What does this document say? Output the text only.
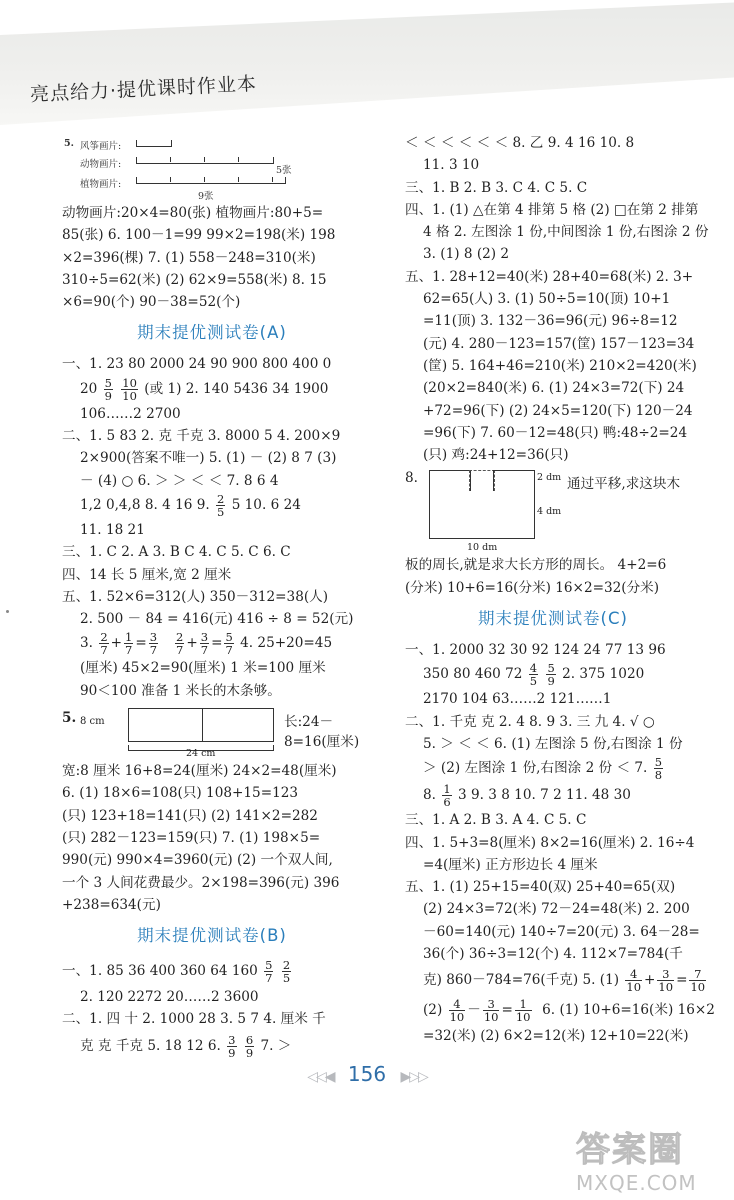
亮点给力·提优课时作业本
5. 风筝画片:
动物画片:
5张
植物画片:
9张
动物画片:20×4=80(张) 植物画片:80+5=
85(张) 6. 100－1=99 99×2=198(米) 198
×2=396(棵) 7. (1) 558－248=310(米)
310÷5=62(米) (2) 62×9=558(米) 8. 15
×6=90(个) 90－38=52(个)
期末提优测试卷(A)
一、1. 23 80 2000 24 90 900 800 400 0
$20 \frac{5}{9}$
$\frac{10}{10}$ (或 1) 2. 140 5436 34 1900
106……2 2700
二、1. 5 83 2. 克 千克 3. 8000 5 4. 200×9
2×900(答案不唯一) 5. (1) － (2) 8 7 (3)
－ (4) ○ 6. ＞ ＞ ＜ ＜ 7. 8 6 4
1,2 0,4,8 8. 4 16 9. $\frac{2}{5} 5$ 10. 6 24
11. 18 21
三、1. C 2. A 3. B C 4. C 5. C 6. C
四、14 长 5 厘米,宽 2 厘米
五、1. 52×6=312(人) 350－312=38(人)
2. 500 － 84 = 416(元) 416 ÷ 8 = 52(元)
3. $\frac{2}{7} + \frac{1}{7} = \frac{3}{7}$
$\frac{2}{7} + \frac{3}{7} = \frac{5}{7} 4$. 25+20=45
(厘米) 45×2=90(厘米) 1 米=100 厘米
90＜100 准备 1 米长的木条够。
5. 8 cm
24 cm
长:24－8=16(厘米)
宽:8 厘米 16+8=24(厘米) 24×2=48(厘米)
6. (1) 18×6=108(只) 108+15=123
(只) 123+18=141(只) (2) 141×2=282
(只) 282－123=159(只) 7. (1) 198×5=
990(元) 990×4=3960(元) (2) 一个双人间,
一个 3 人间花费最少。2×198=396(元) 396
+238=634(元)
期末提优测试卷(B)
一、1. 85 36 400 360 64 $160 \frac{5}{7}$
$\frac{2}{5}$
2. 120 2272 20……2 3600
二、1. 四 十 2. 1000 28 3. 5 7 4. 厘米 千
克 克 千克 5. 18 12 6. $\frac{3}{9}$
$\frac{6}{9} 7$. ＞
＜ ＜ ＜ ＜ ＜ ＜ 8. 乙 9. 4 16 10. 8
11. 3 10
三、1. B 2. B 3. C 4. C 5. C
四、1. (1) △在第 4 排第 5 格 (2) □在第 2 排第
4 格 2. 左图涂 1 份,中间图涂 1 份,右图涂 2 份
3. (1) 8 (2) 2
五、1. 28+12=40(米) 28+40=68(米) 2. 3+
62=65(人) 3. (1) 50÷5=10(顶) 10+1
=11(顶) 3. 132－36=96(元) 96÷8=12
(元) 4. 280－123=157(筐) 157－123=34
(筐) 5. 164+46=210(米) 210×2=420(米)
(20×2=840(米) 6. (1) 24×3=72(下) 24
+72=96(下) (2) 24×5=120(下) 120－24
=96(下) 7. 60－12=48(只) 鸭:48÷2=24
(只) 鸡:24+12=36(只)
8.	2 dm
4 dm
10 dm
通过平移,求这块木
板的周长,就是求大长方形的周长。 4+2=6
(分米) 10+6=16(分米) 16×2=32(分米)
期末提优测试卷(C)
一、1. 2000 32 30 92 124 24 77 13 96
350 80 460 $72 \frac{4}{5}$
$\frac{5}{9} 2$. 375 1020
2170 104 63……2 121……1
二、1. 千克 克 2. 4 8. 9 3. 三 九 4. √ ○
5. ＞ ＜ ＜ 6. (1) 左图涂 5 份,右图涂 1 份
＞ (2) 左图涂 1 份,右图涂 2 份 ＜ 7. $\frac{5}{8}$
8. $\frac{1}{6} 3$ 9. 3 8 10. 7 2 11. 48 30
三、1. A 2. B 3. A 4. C 5. C
四、1. 5+3=8(厘米) 8×2=16(厘米) 2. 16÷4
=4(厘米) 正方形边长 4 厘米
五、1. (1) 25+15=40(双) 25+40=65(双)
(2) 24×3=72(米) 72－24=48(米) 2. 200
－60=140(元) 140÷7=20(元) 3. 64－28=
36(个) 36÷3=12(个) 4. 112×7=784(千
克) 860－784=76(千克) 5. $(1) \frac{4}{10} + \frac{3}{10} = \frac{7}{10}$
$(2) \frac{4}{10} - \frac{3}{10} = \frac{1}{10} 6$. (1) 10+6=16(米) 16×2
=32(米) (2) 6×2=12(米) 12+10=22(米)
◁◁◀ 156 ▶▷▷
答案圈
MXQE.COM
